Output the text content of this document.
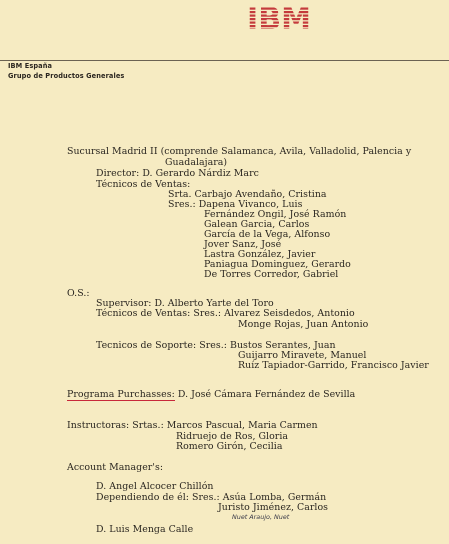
IBM España
Grupo de Productos Generales
Sucursal Madrid II (comprende Salamanca, Avila, Valladolid, Palencia y
Guadalajara)
Director: D. Gerardo Nárdiz Marc
Técnicos de Ventas:
Srta. Carbajo Avendaño, Cristina
Sres.: Dapena Vivanco, Luis
Fernández Ongil, José Ramón
Galean Garcia, Carlos
García de la Vega, Alfonso
Jover Sanz, José
Lastra González, Javier
Paniagua Dominguez, Gerardo
De Torres Corredor, Gabriel
O.S.:
Supervisor: D. Alberto Yarte del Toro
Técnicos de Ventas: Sres.: Alvarez Seisdedos, Antonio
Monge Rojas, Juan Antonio
Tecnicos de Soporte: Sres.: Bustos Serantes, Juan
Guijarro Miravete, Manuel
Ruíz Tapiador-Garrido, Francisco Javier
Programa Purchasses: D. José Cámara Fernández de Sevilla
Instructoras: Srtas.: Marcos Pascual, Maria Carmen
Ridruejo de Ros, Gloria
Romero Girón, Cecilia
Account Manager's:
D. Angel Alcocer Chillón
Dependiendo de él: Sres.: Asúa Lomba, Germán
Juristo Jiménez, Carlos
Nuet Araujo, Nuet
D. Luis Menga Calle
